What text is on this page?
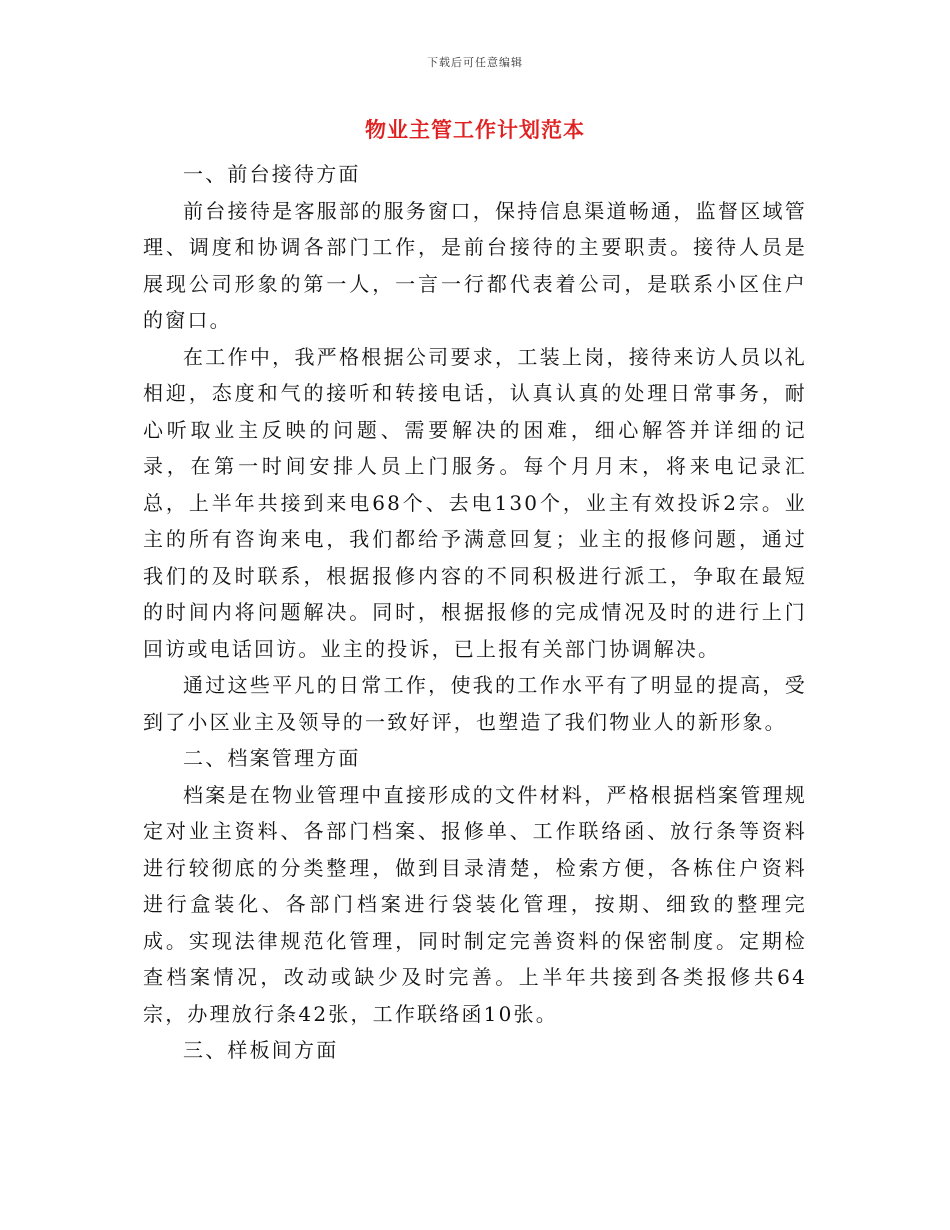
下载后可任意编辑
物业主管工作计划范本

一、前台接待方面

前台接待是客服部的服务窗口，保持信息渠道畅通，监督区域管理、调度和协调各部门工作，是前台接待的主要职责。接待人员是展现公司形象的第一人，一言一行都代表着公司，是联系小区住户的窗口。

在工作中，我严格根据公司要求，工装上岗，接待来访人员以礼相迎，态度和气的接听和转接电话，认真认真的处理日常事务，耐心听取业主反映的问题、需要解决的困难，细心解答并详细的记录，在第一时间安排人员上门服务。每个月月末，将来电记录汇总，上半年共接到来电68个、去电130个，业主有效投诉2宗。业主的所有咨询来电，我们都给予满意回复；业主的报修问题，通过我们的及时联系，根据报修内容的不同积极进行派工，争取在最短的时间内将问题解决。同时，根据报修的完成情况及时的进行上门回访或电话回访。业主的投诉，已上报有关部门协调解决。

通过这些平凡的日常工作，使我的工作水平有了明显的提高，受到了小区业主及领导的一致好评，也塑造了我们物业人的新形象。

二、档案管理方面

档案是在物业管理中直接形成的文件材料，严格根据档案管理规定对业主资料、各部门档案、报修单、工作联络函、放行条等资料进行较彻底的分类整理，做到目录清楚，检索方便，各栋住户资料进行盒装化、各部门档案进行袋装化管理，按期、细致的整理完成。实现法律规范化管理，同时制定完善资料的保密制度。定期检查档案情况，改动或缺少及时完善。上半年共接到各类报修共64宗，办理放行条42张，工作联络函10张。

三、样板间方面
